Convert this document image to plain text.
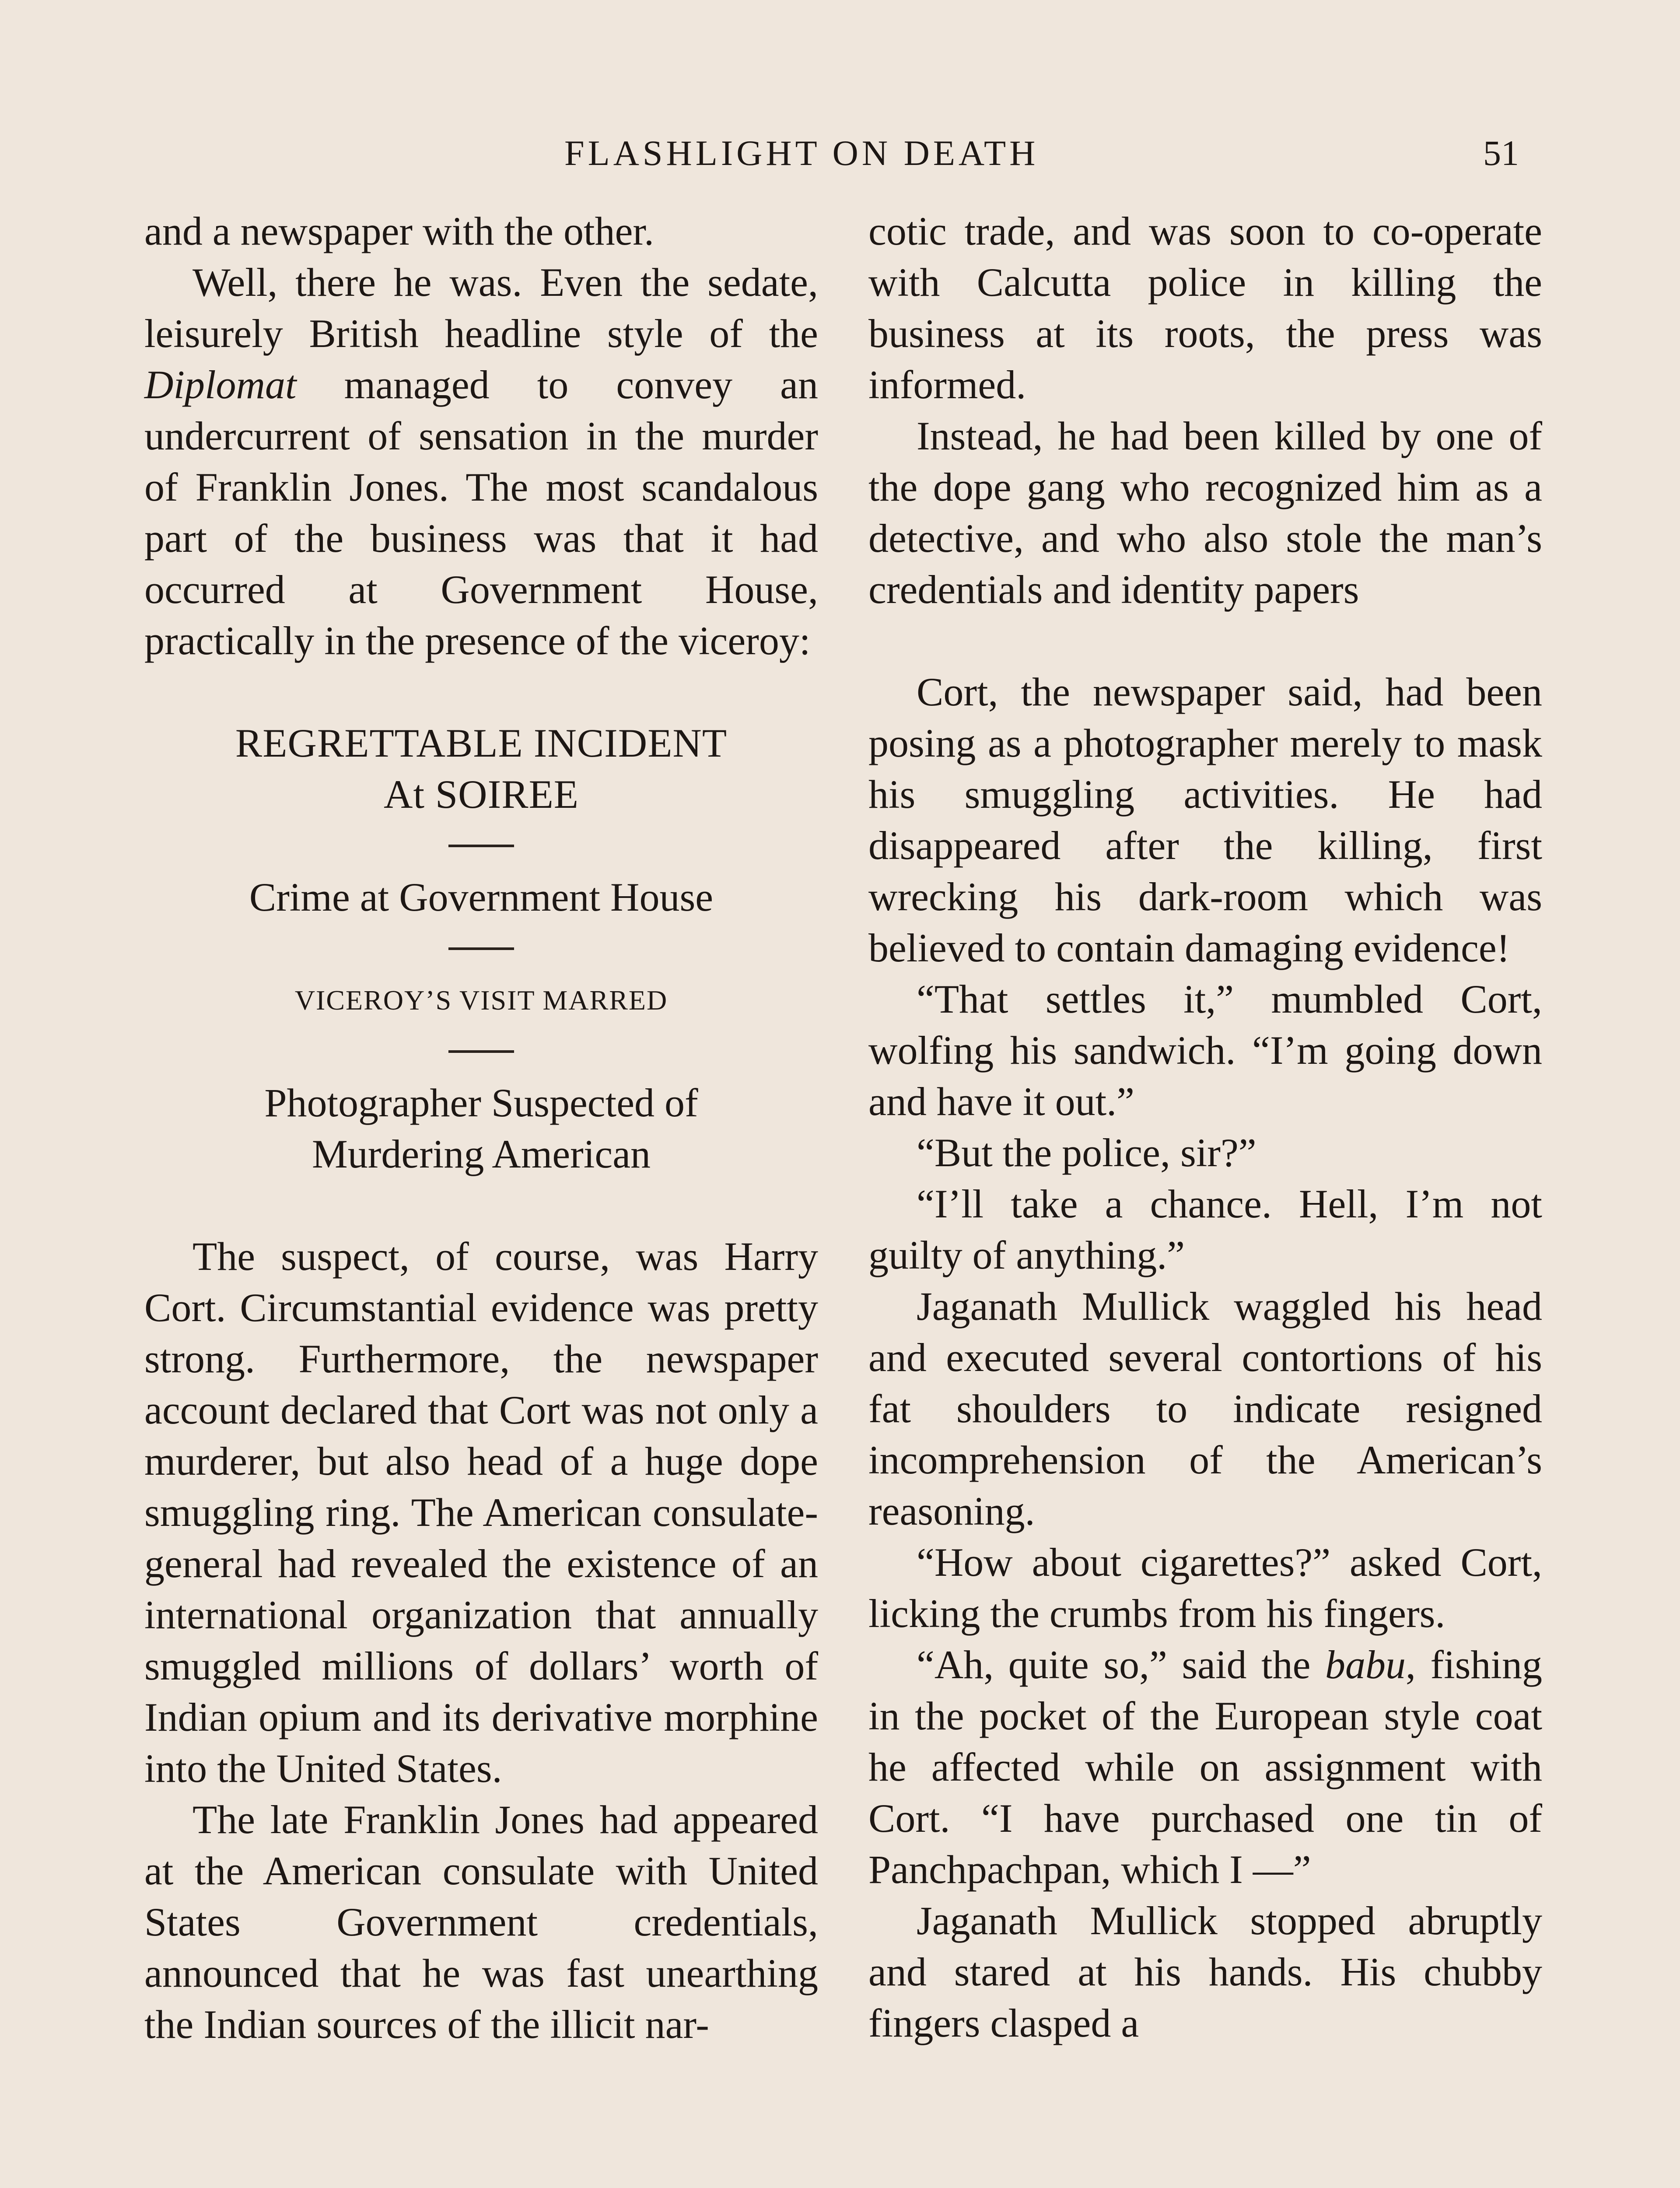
FLASHLIGHT ON DEATH	51

and a newspaper with the other.

Well, there he was. Even the sedate, leisurely British headline style of the Diplomat managed to convey an undercurrent of sensation in the murder of Franklin Jones. The most scandalous part of the business was that it had occurred at Government House, practically in the presence of the viceroy:

REGRETTABLE INCIDENT

At SOIREE

Crime at Government House

VICEROY’S VISIT MARRED

Photographer Suspected of

Murdering American

The suspect, of course, was Harry Cort. Circumstantial evidence was pretty strong. Furthermore, the newspaper account declared that Cort was not only a murderer, but also head of a huge dope smuggling ring. The American consulate-general had revealed the existence of an international organization that annually smuggled millions of dollars’ worth of Indian opium and its derivative morphine into the United States.

The late Franklin Jones had appeared at the American consulate with United States Government credentials, announced that he was fast unearthing the Indian sources of the illicit nar-

cotic trade, and was soon to co-operate with Calcutta police in killing the business at its roots, the press was informed.

Instead, he had been killed by one of the dope gang who recognized him as a detective, and who also stole the man’s credentials and identity papers

Cort, the newspaper said, had been posing as a photographer merely to mask his smuggling activities. He had disappeared after the killing, first wrecking his dark-room which was believed to contain damaging evidence!

“That settles it,” mumbled Cort, wolfing his sandwich. “I’m going down and have it out.”

“But the police, sir?”

“I’ll take a chance. Hell, I’m not guilty of anything.”

Jaganath Mullick waggled his head and executed several contortions of his fat shoulders to indicate resigned incomprehension of the American’s reasoning.

“How about cigarettes?” asked Cort, licking the crumbs from his fingers.

“Ah, quite so,” said the babu, fishing in the pocket of the European style coat he affected while on assignment with Cort. “I have purchased one tin of Panchpachpan, which I —”

Jaganath Mullick stopped abruptly and stared at his hands. His chubby fingers clasped a
